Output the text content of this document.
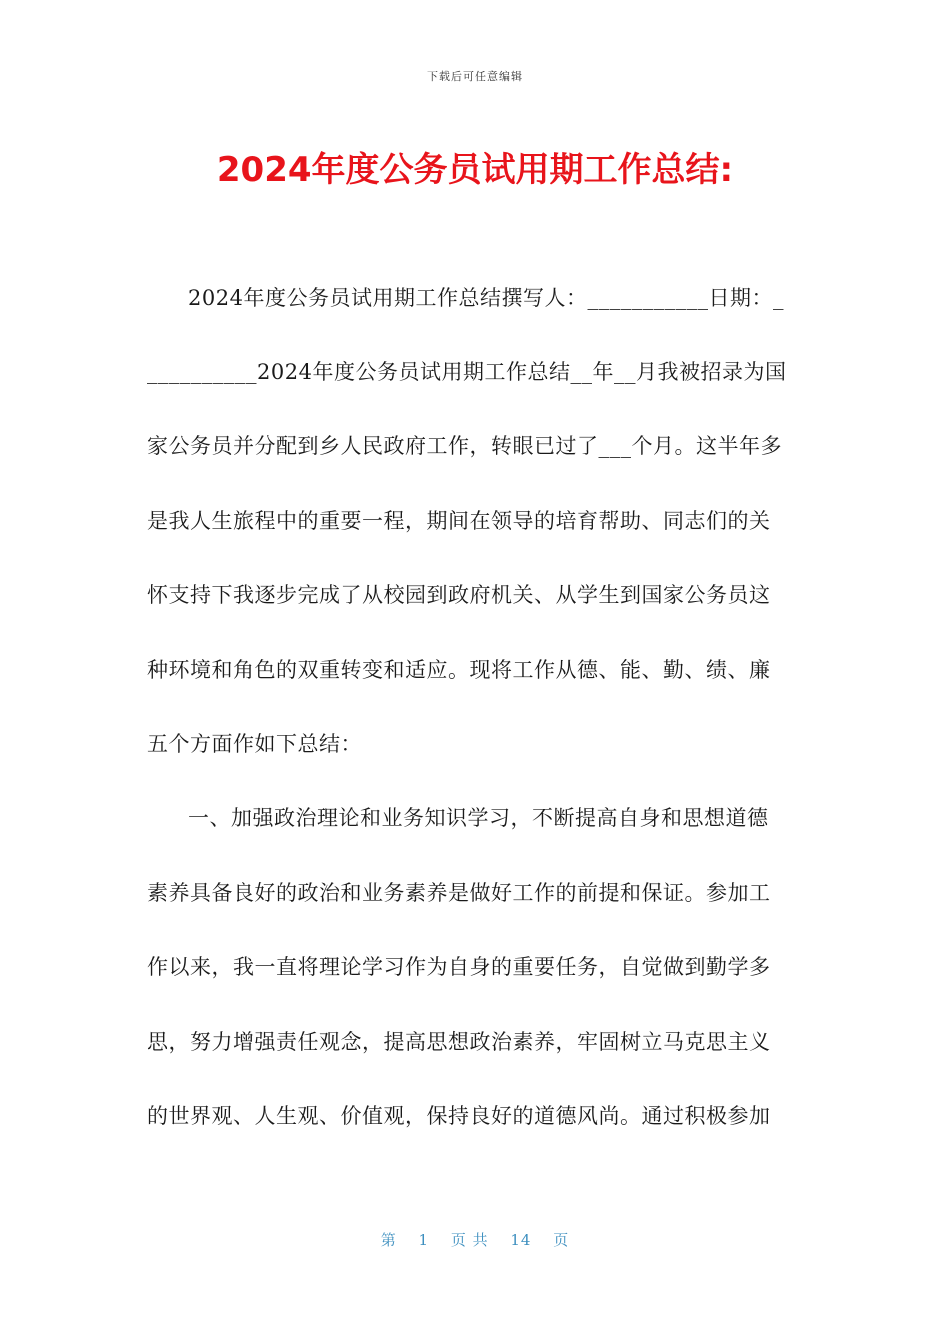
下载后可任意编辑
2024年度公务员试用期工作总结:
2024年度公务员试用期工作总结撰写人：___________日期：_
__________2024年度公务员试用期工作总结__年__月我被招录为国
家公务员并分配到乡人民政府工作，转眼已过了___个月。这半年多
是我人生旅程中的重要一程，期间在领导的培育帮助、同志们的关
怀支持下我逐步完成了从校园到政府机关、从学生到国家公务员这
种环境和角色的双重转变和适应。现将工作从德、能、勤、绩、廉
五个方面作如下总结：
一、加强政治理论和业务知识学习，不断提高自身和思想道德
素养具备良好的政治和业务素养是做好工作的前提和保证。参加工
作以来，我一直将理论学习作为自身的重要任务，自觉做到勤学多
思，努力增强责任观念，提高思想政治素养，牢固树立马克思主义
的世界观、人生观、价值观，保持良好的道德风尚。通过积极参加
第 1 页 共 14 页
